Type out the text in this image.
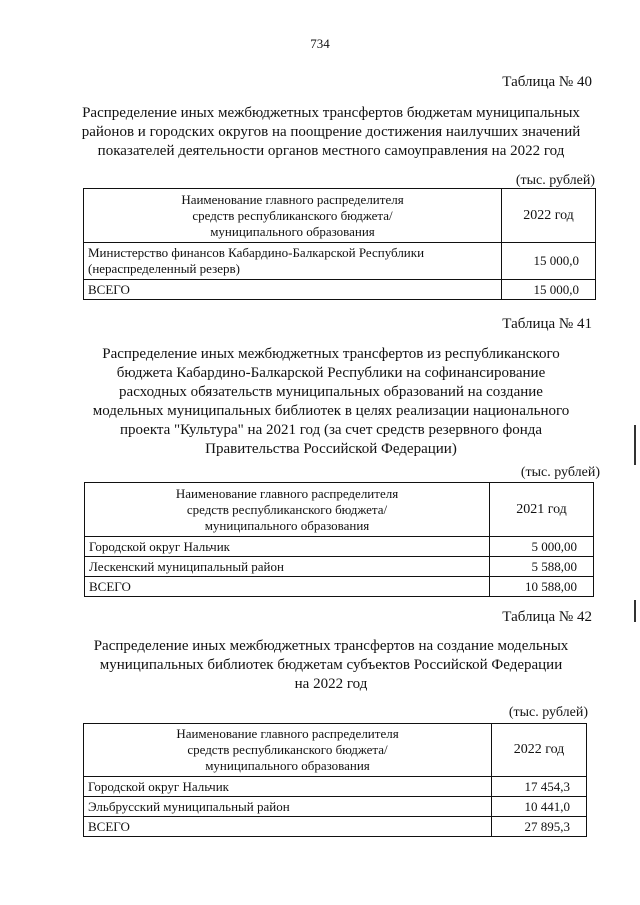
734
Таблица № 40
Распределение иных межбюджетных трансфертов бюджетам муниципальных
районов и городских округов на поощрение достижения наилучших значений
показателей деятельности органов местного самоуправления на 2022 год
(тыс. рублей)
Наименование главного распределителя
средств республиканского бюджета/
муниципального образования	2022 год

Министерство финансов Кабардино-Балкарской Республики
(нераспределенный резерв)	15 000,0
ВСЕГО	15 000,0
Таблица № 41
Распределение иных межбюджетных трансфертов из республиканского
бюджета Кабардино-Балкарской Республики на софинансирование
расходных обязательств муниципальных образований на создание
модельных муниципальных библиотек в целях реализации национального
проекта "Культура" на 2021 год (за счет средств резервного фонда
Правительства Российской Федерации)
(тыс. рублей)
Наименование главного распределителя
средств республиканского бюджета/
муниципального образования	2021 год
Городской округ Нальчик	5 000,00
Лескенский муниципальный район	5 588,00
ВСЕГО	10 588,00
Таблица № 42
Распределение иных межбюджетных трансфертов на создание модельных
муниципальных библиотек бюджетам субъектов Российской Федерации
на 2022 год
(тыс. рублей)
Наименование главного распределителя
средств республиканского бюджета/
муниципального образования	2022 год
Городской округ Нальчик	17 454,3
Эльбрусский муниципальный район	10 441,0
ВСЕГО	27 895,3
